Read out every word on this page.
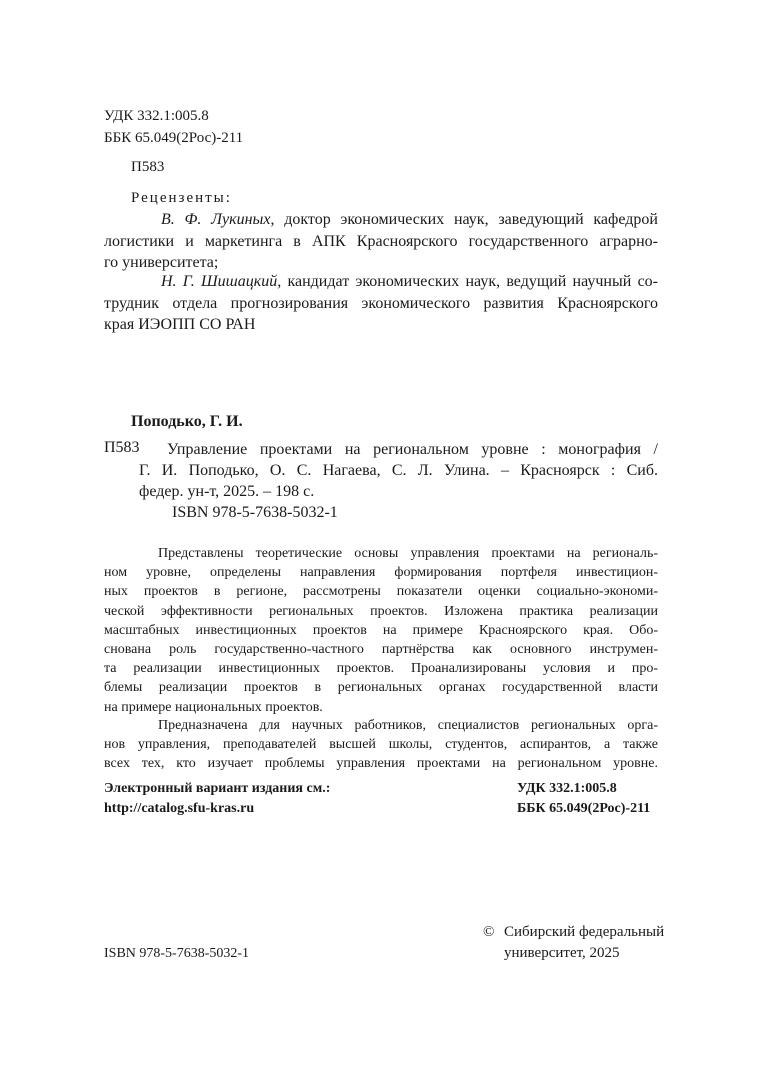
УДК 332.1:005.8
ББК 65.049(2Рос)-211
П583
Рецензенты:
В. Ф. Лукиных, доктор экономических наук, заведующий кафедрой
логистики и маркетинга в АПК Красноярского государственного аграрно-
го университета;
Н. Г. Шишацкий, кандидат экономических наук, ведущий научный со-
трудник отдела прогнозирования экономического развития Красноярского
края ИЭОПП СО РАН
Поподько, Г. И.
П583 Управление проектами на региональном уровне : монография /
Г. И. Поподько, О. С. Нагаева, С. Л. Улина. – Красноярск : Сиб.
федер. ун-т, 2025. – 198 с.
ISBN 978-5-7638-5032-1
Представлены теоретические основы управления проектами на региональ-
ном уровне, определены направления формирования портфеля инвестицион-
ных проектов в регионе, рассмотрены показатели оценки социально-экономи-
ческой эффективности региональных проектов. Изложена практика реализации
масштабных инвестиционных проектов на примере Красноярского края. Обо-
снована роль государственно-частного партнёрства как основного инструмен-
та реализации инвестиционных проектов. Проанализированы условия и про-
блемы реализации проектов в региональных органах государственной власти
на примере национальных проектов.
Предназначена для научных работников, специалистов региональных орга-
нов управления, преподавателей высшей школы, студентов, аспирантов, а также
всех тех, кто изучает проблемы управления проектами на региональном уровне.
Электронный вариант издания см.:
http://catalog.sfu-kras.ru
УДК 332.1:005.8
ББК 65.049(2Рос)-211
ISBN 978-5-7638-5032-1
© Сибирский федеральный
университет, 2025
